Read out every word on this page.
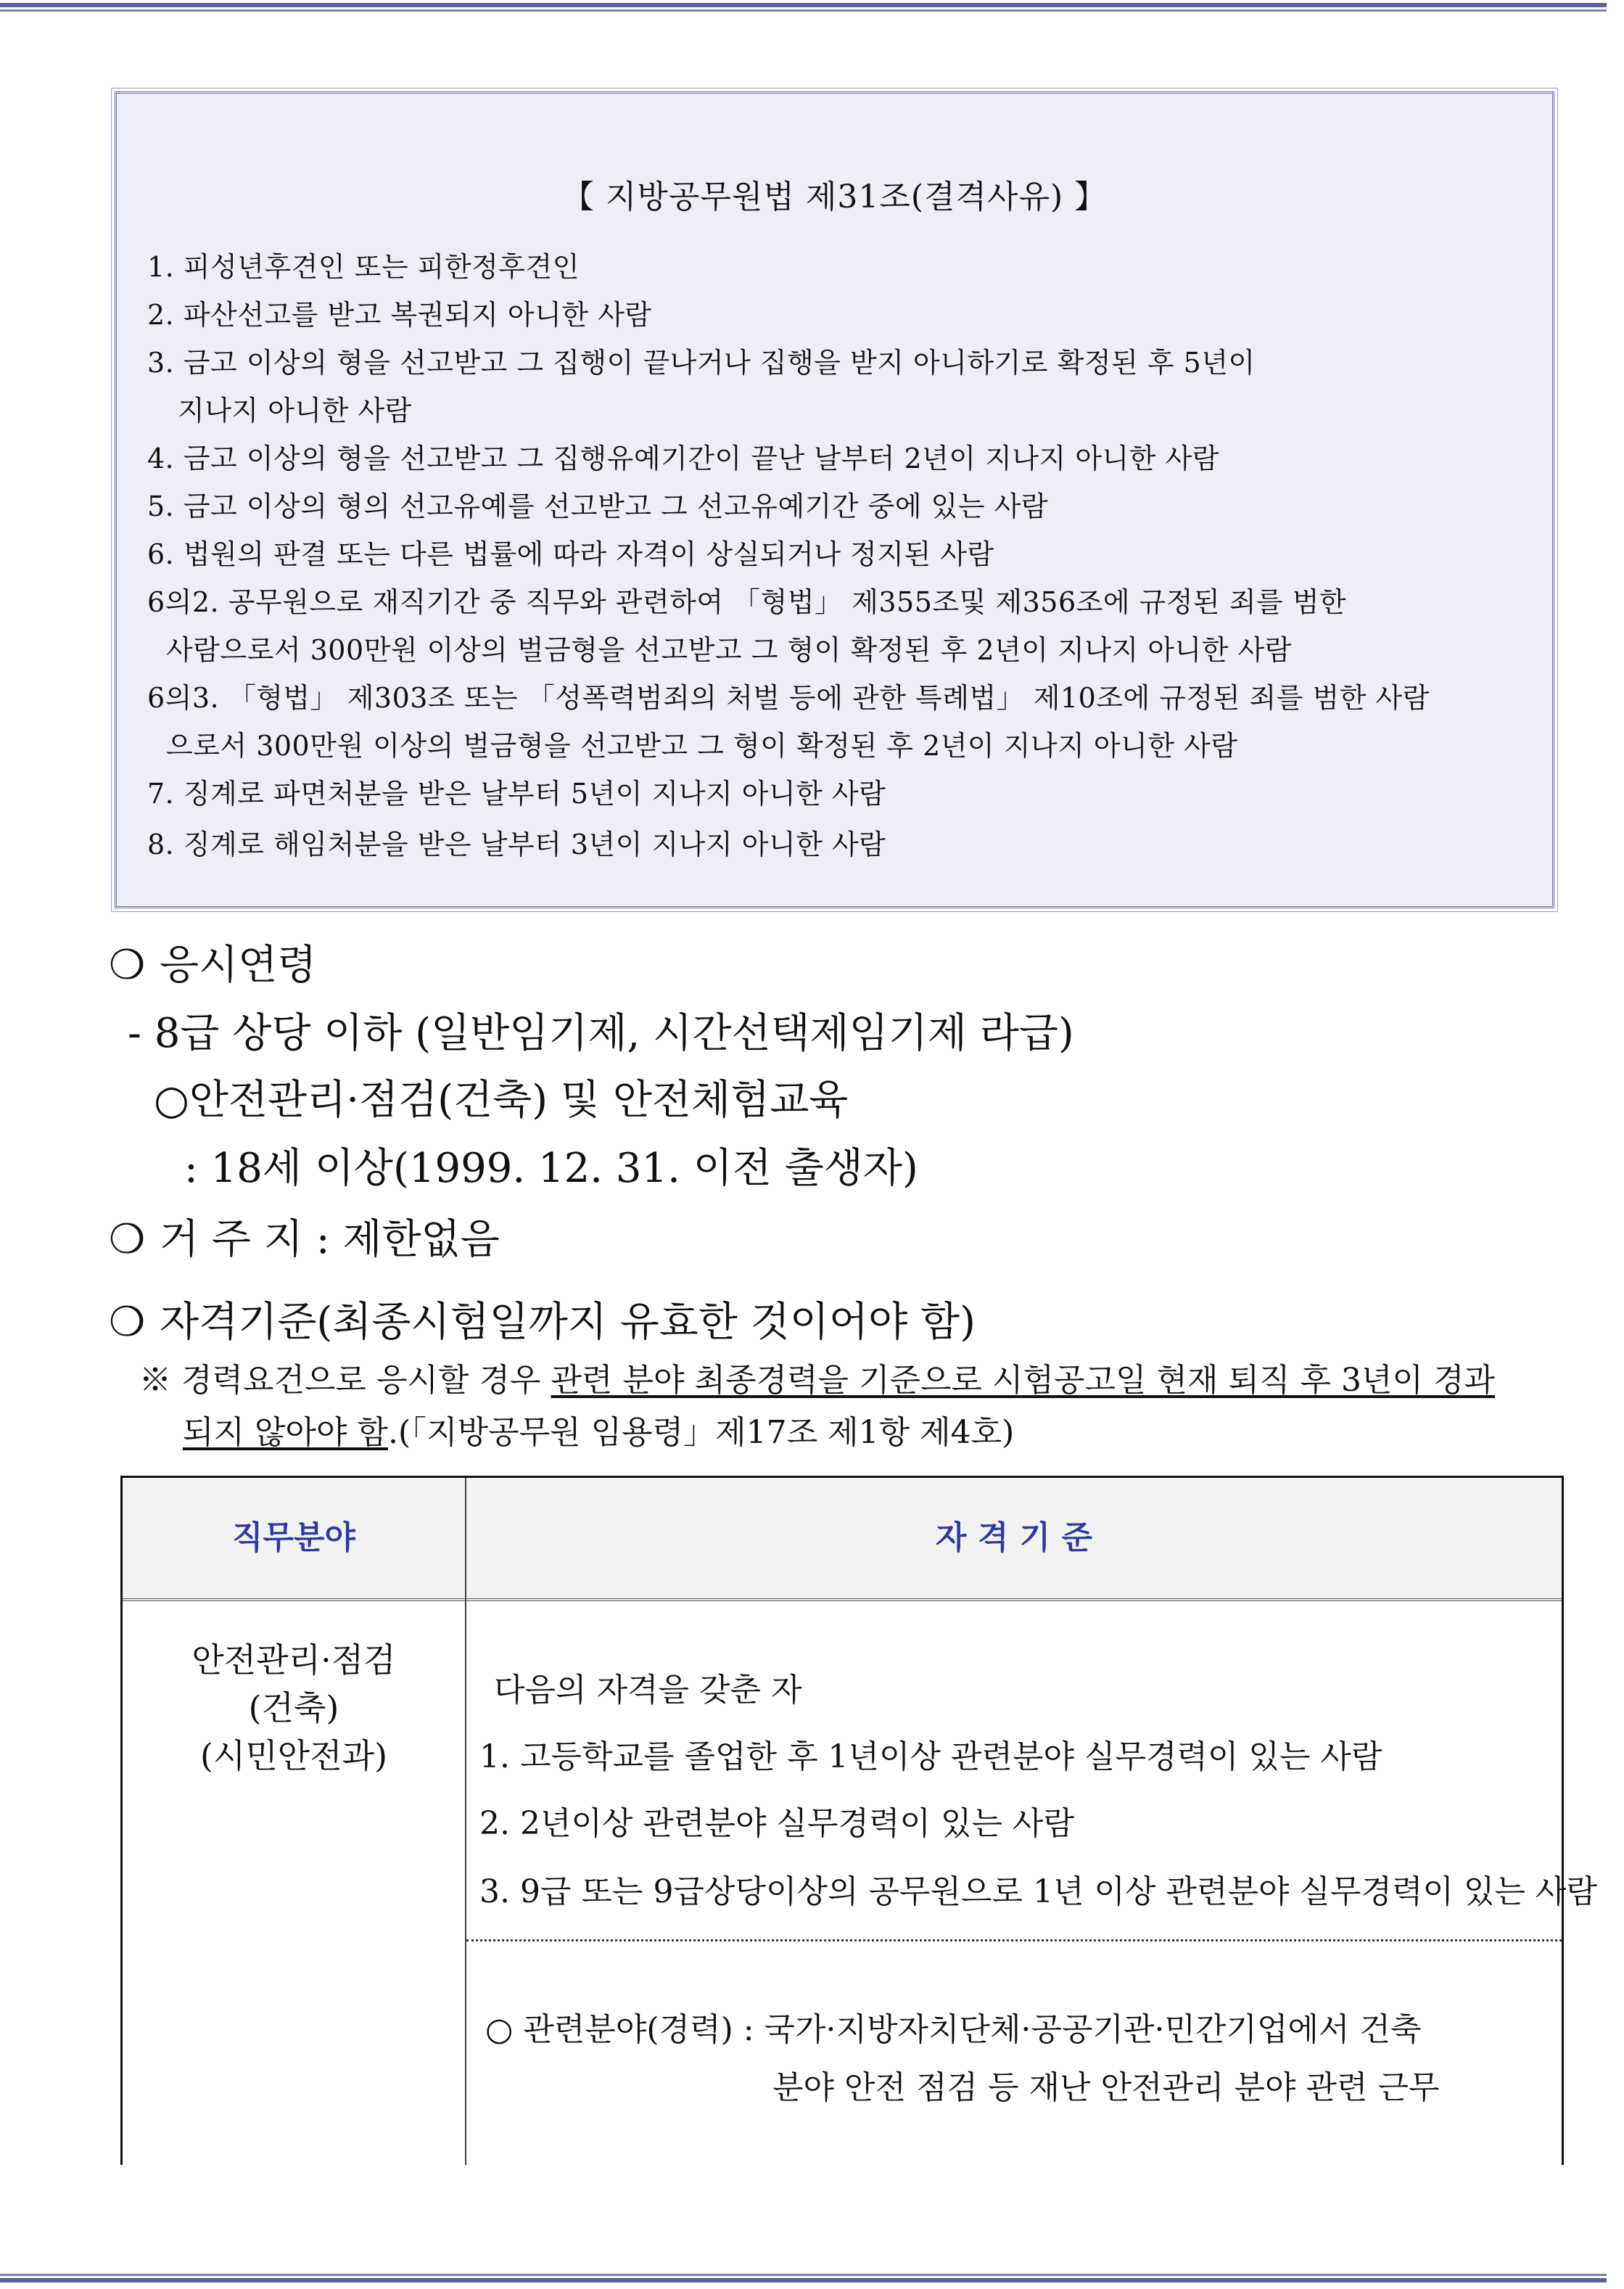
【 지방공무원법 제31조(결격사유) 】
1. 피성년후견인 또는 피한정후견인
2. 파산선고를 받고 복권되지 아니한 사람
3. 금고 이상의 형을 선고받고 그 집행이 끝나거나 집행을 받지 아니하기로 확정된 후 5년이
지나지 아니한 사람
4. 금고 이상의 형을 선고받고 그 집행유예기간이 끝난 날부터 2년이 지나지 아니한 사람
5. 금고 이상의 형의 선고유예를 선고받고 그 선고유예기간 중에 있는 사람
6. 법원의 판결 또는 다른 법률에 따라 자격이 상실되거나 정지된 사람
6의2. 공무원으로 재직기간 중 직무와 관련하여 「형법」 제355조및 제356조에 규정된 죄를 범한
사람으로서 300만원 이상의 벌금형을 선고받고 그 형이 확정된 후 2년이 지나지 아니한 사람
6의3. 「형법」 제303조 또는 「성폭력범죄의 처벌 등에 관한 특례법」 제10조에 규정된 죄를 범한 사람
으로서 300만원 이상의 벌금형을 선고받고 그 형이 확정된 후 2년이 지나지 아니한 사람
7. 징계로 파면처분을 받은 날부터 5년이 지나지 아니한 사람
8. 징계로 해임처분을 받은 날부터 3년이 지나지 아니한 사람
❍ 응시연령
- 8급 상당 이하 (일반임기제, 시간선택제임기제 라급)
○안전관리·점검(건축) 및 안전체험교육
: 18세 이상(1999. 12. 31. 이전 출생자)
❍ 거 주 지 : 제한없음
❍ 자격기준(최종시험일까지 유효한 것이어야 함)
※ 경력요건으로 응시할 경우 관련 분야 최종경력을 기준으로 시험공고일 현재 퇴직 후 3년이 경과
되지 않아야 함.(「지방공무원 임용령」제17조 제1항 제4호)
직무분야	자 격 기 준
안전관리·점검
(건축)
(시민안전과)
다음의 자격을 갖춘 자
1. 고등학교를 졸업한 후 1년이상 관련분야 실무경력이 있는 사람
2. 2년이상 관련분야 실무경력이 있는 사람
3. 9급 또는 9급상당이상의 공무원으로 1년 이상 관련분야 실무경력이 있는 사람
○ 관련분야(경력) : 국가·지방자치단체·공공기관·민간기업에서 건축
분야 안전 점검 등 재난 안전관리 분야 관련 근무
